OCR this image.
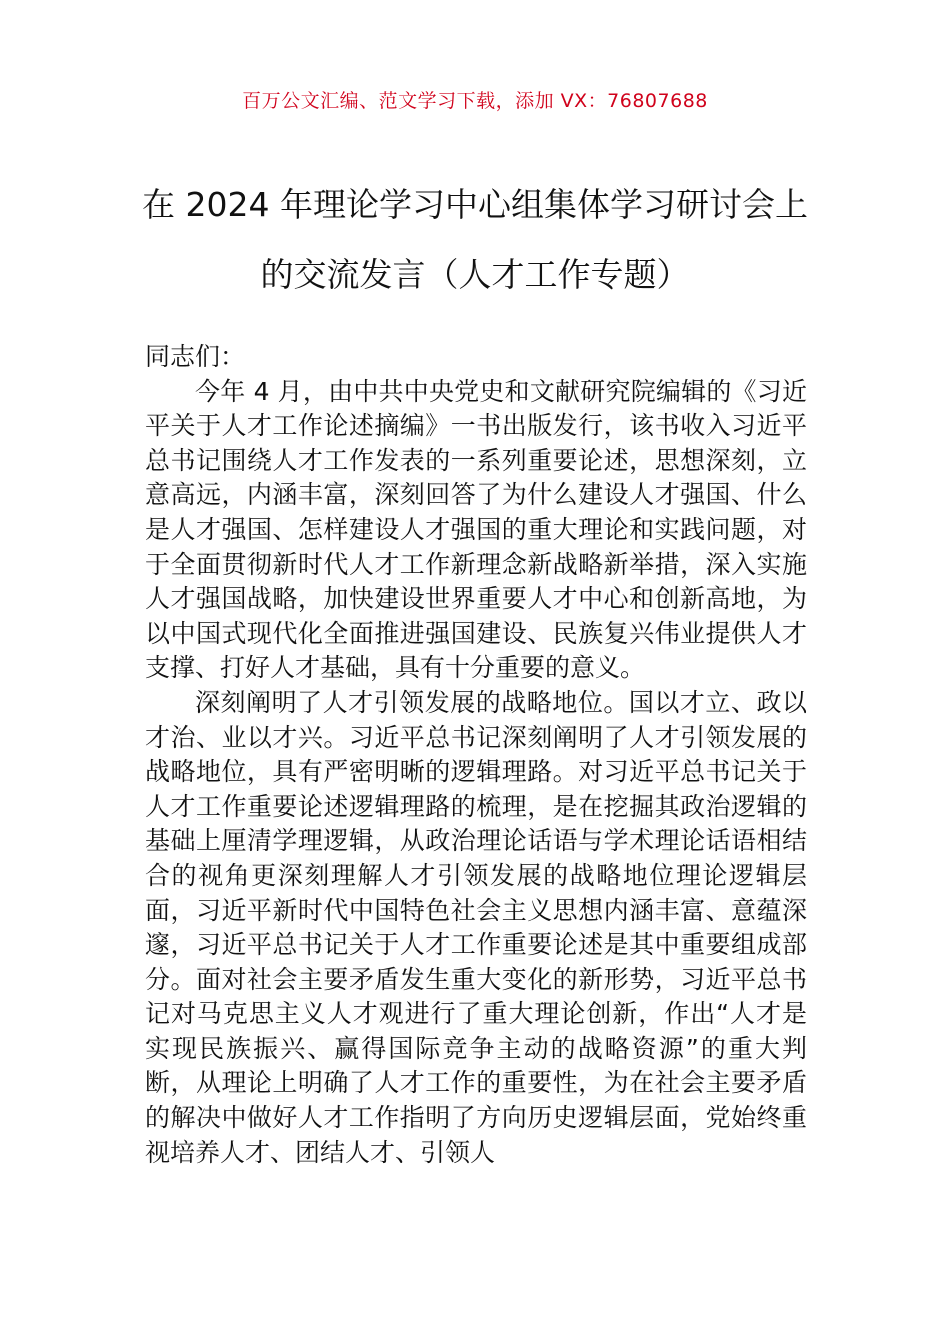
百万公文汇编、范文学习下载，添加 VX：76807688
在 2024 年理论学习中心组集体学习研讨会上的交流发言（人才工作专题）

同志们：

今年 4 月，由中共中央党史和文献研究院编辑的《习近平关于人才工作论述摘编》一书出版发行，该书收入习近平总书记围绕人才工作发表的一系列重要论述，思想深刻，立意高远，内涵丰富，深刻回答了为什么建设人才强国、什么是人才强国、怎样建设人才强国的重大理论和实践问题，对于全面贯彻新时代人才工作新理念新战略新举措，深入实施人才强国战略，加快建设世界重要人才中心和创新高地，为以中国式现代化全面推进强国建设、民族复兴伟业提供人才支撑、打好人才基础，具有十分重要的意义。

深刻阐明了人才引领发展的战略地位。国以才立、政以才治、业以才兴。习近平总书记深刻阐明了人才引领发展的战略地位，具有严密明晰的逻辑理路。对习近平总书记关于人才工作重要论述逻辑理路的梳理，是在挖掘其政治逻辑的基础上厘清学理逻辑，从政治理论话语与学术理论话语相结合的视角更深刻理解人才引领发展的战略地位理论逻辑层面，习近平新时代中国特色社会主义思想内涵丰富、意蕴深邃，习近平总书记关于人才工作重要论述是其中重要组成部分。面对社会主要矛盾发生重大变化的新形势，习近平总书记对马克思主义人才观进行了重大理论创新，作出“人才是实现民族振兴、赢得国际竞争主动的战略资源”的重大判断，从理论上明确了人才工作的重要性，为在社会主要矛盾的解决中做好人才工作指明了方向历史逻辑层面，党始终重视培养人才、团结人才、引领人
